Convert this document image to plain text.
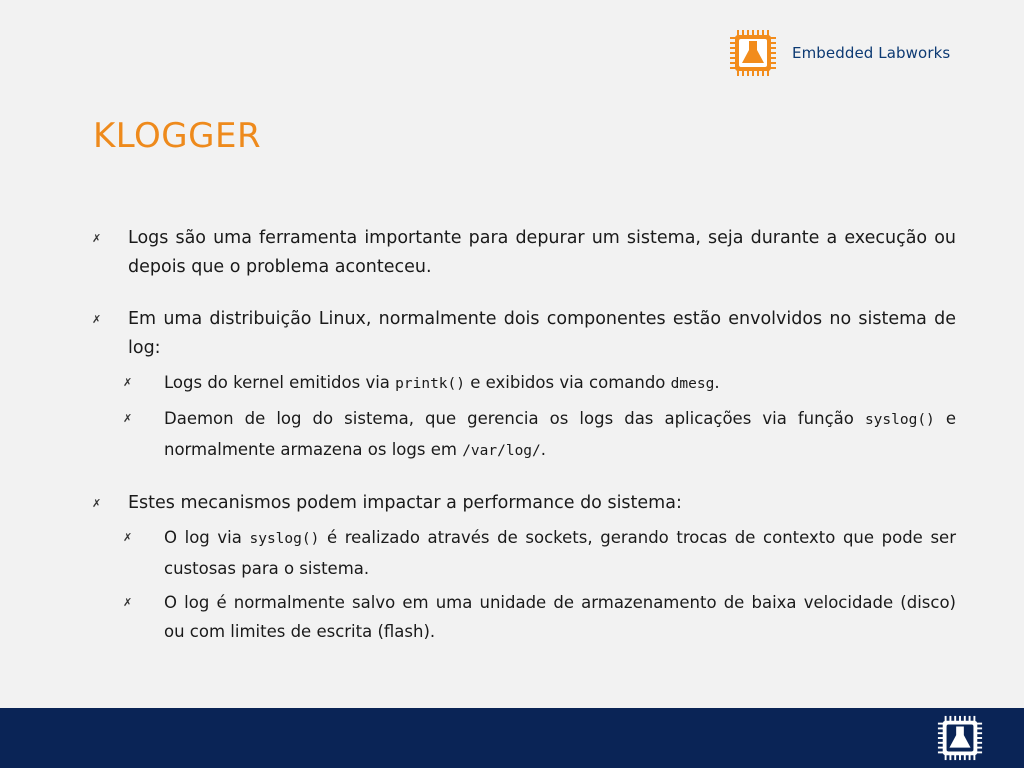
Embedded Labworks
KLOGGER
✗ Logs são uma ferramenta importante para depurar um sistema, seja durante a execução ou depois que o problema aconteceu.
✗ Em uma distribuição Linux, normalmente dois componentes estão envolvidos no sistema de log:
✗ Logs do kernel emitidos via printk() e exibidos via comando dmesg.
✗ Daemon de log do sistema, que gerencia os logs das aplicações via função syslog() e normalmente armazena os logs em /var/log/.
✗ Estes mecanismos podem impactar a performance do sistema:
✗ O log via syslog() é realizado através de sockets, gerando trocas de contexto que pode ser custosas para o sistema.
✗ O log é normalmente salvo em uma unidade de armazenamento de baixa velocidade (disco) ou com limites de escrita (flash).
